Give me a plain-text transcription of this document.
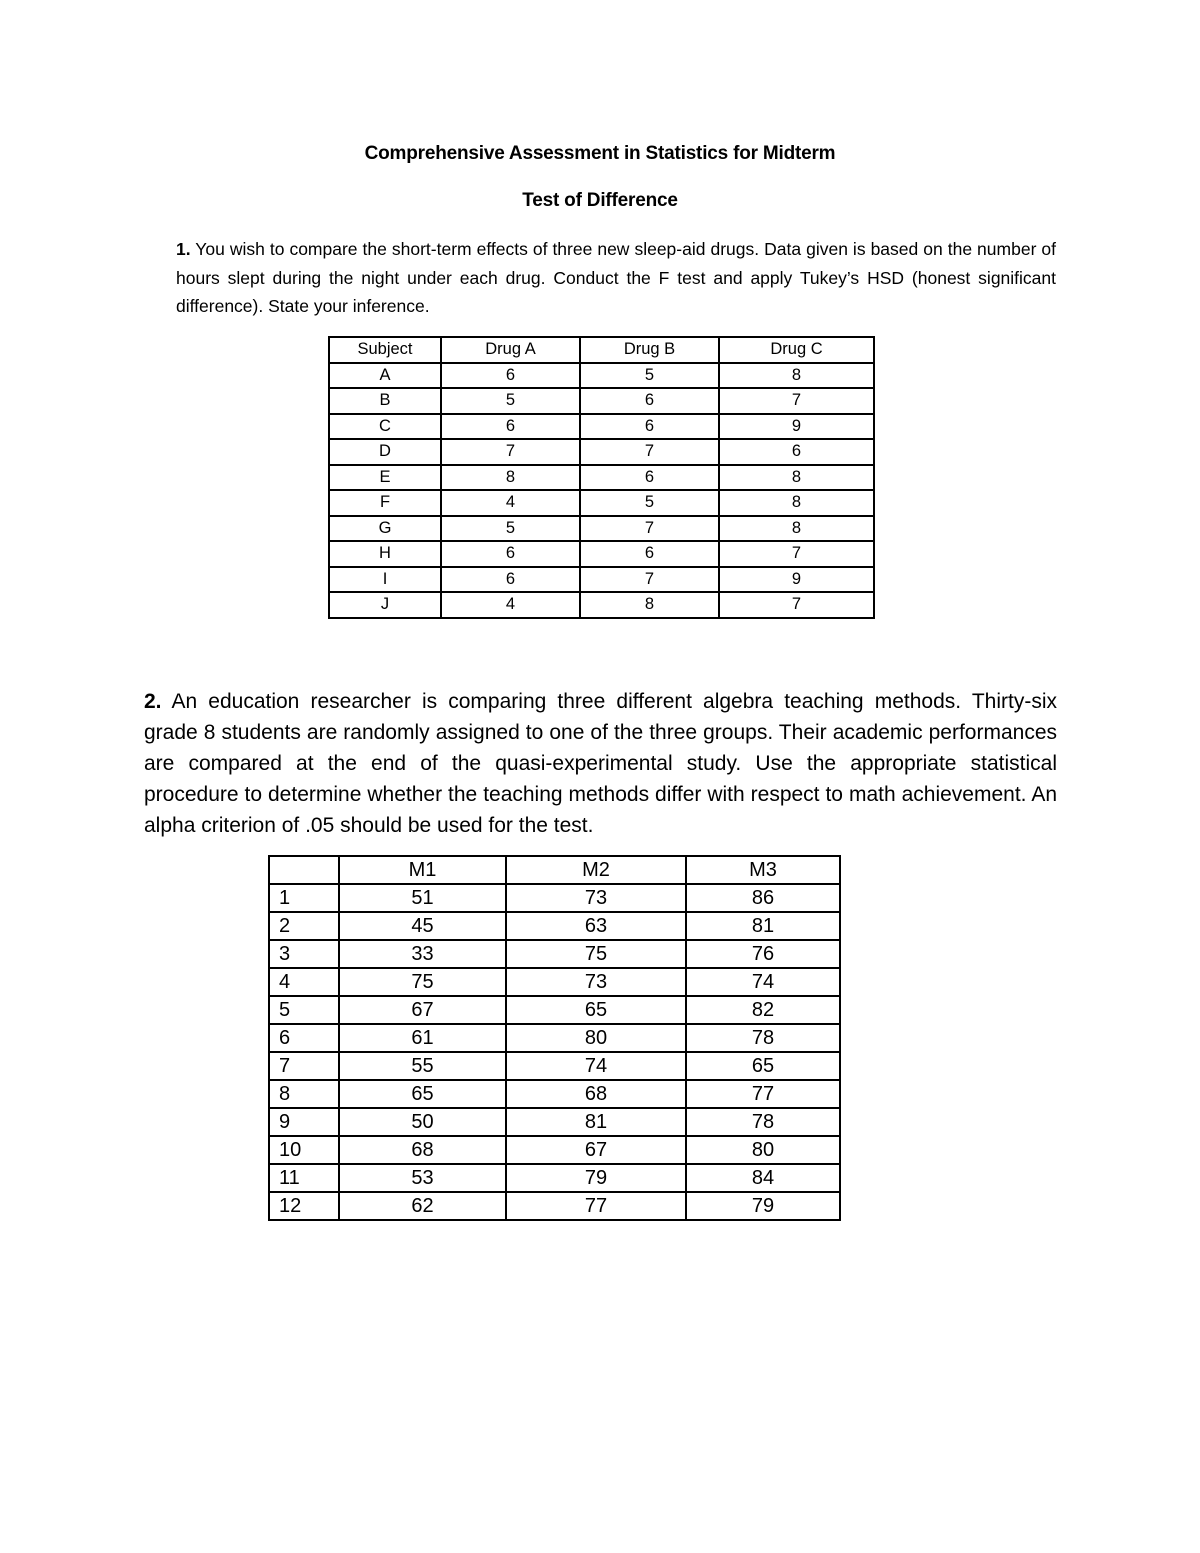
Comprehensive Assessment in Statistics for Midterm
Test of Difference

1. You wish to compare the short-term effects of three new sleep-aid drugs. Data given is based on the number of hours slept during the night under each drug. Conduct the F test and apply Tukey’s HSD (honest significant difference). State your inference.

Subject	Drug A	Drug B	Drug C
A	6	5	8
B	5	6	7
C	6	6	9
D	7	7	6
E	8	6	8
F	4	5	8
G	5	7	8
H	6	6	7
I	6	7	9
J	4	8	7

2. An education researcher is comparing three different algebra teaching methods. Thirty-six grade 8 students are randomly assigned to one of the three groups. Their academic performances are compared at the end of the quasi-experimental study. Use the appropriate statistical procedure to determine whether the teaching methods differ with respect to math achievement. An alpha criterion of .05 should be used for the test.

	M1	M2	M3
1	51	73	86
2	45	63	81
3	33	75	76
4	75	73	74
5	67	65	82
6	61	80	78
7	55	74	65
8	65	68	77
9	50	81	78
10	68	67	80
11	53	79	84
12	62	77	79
